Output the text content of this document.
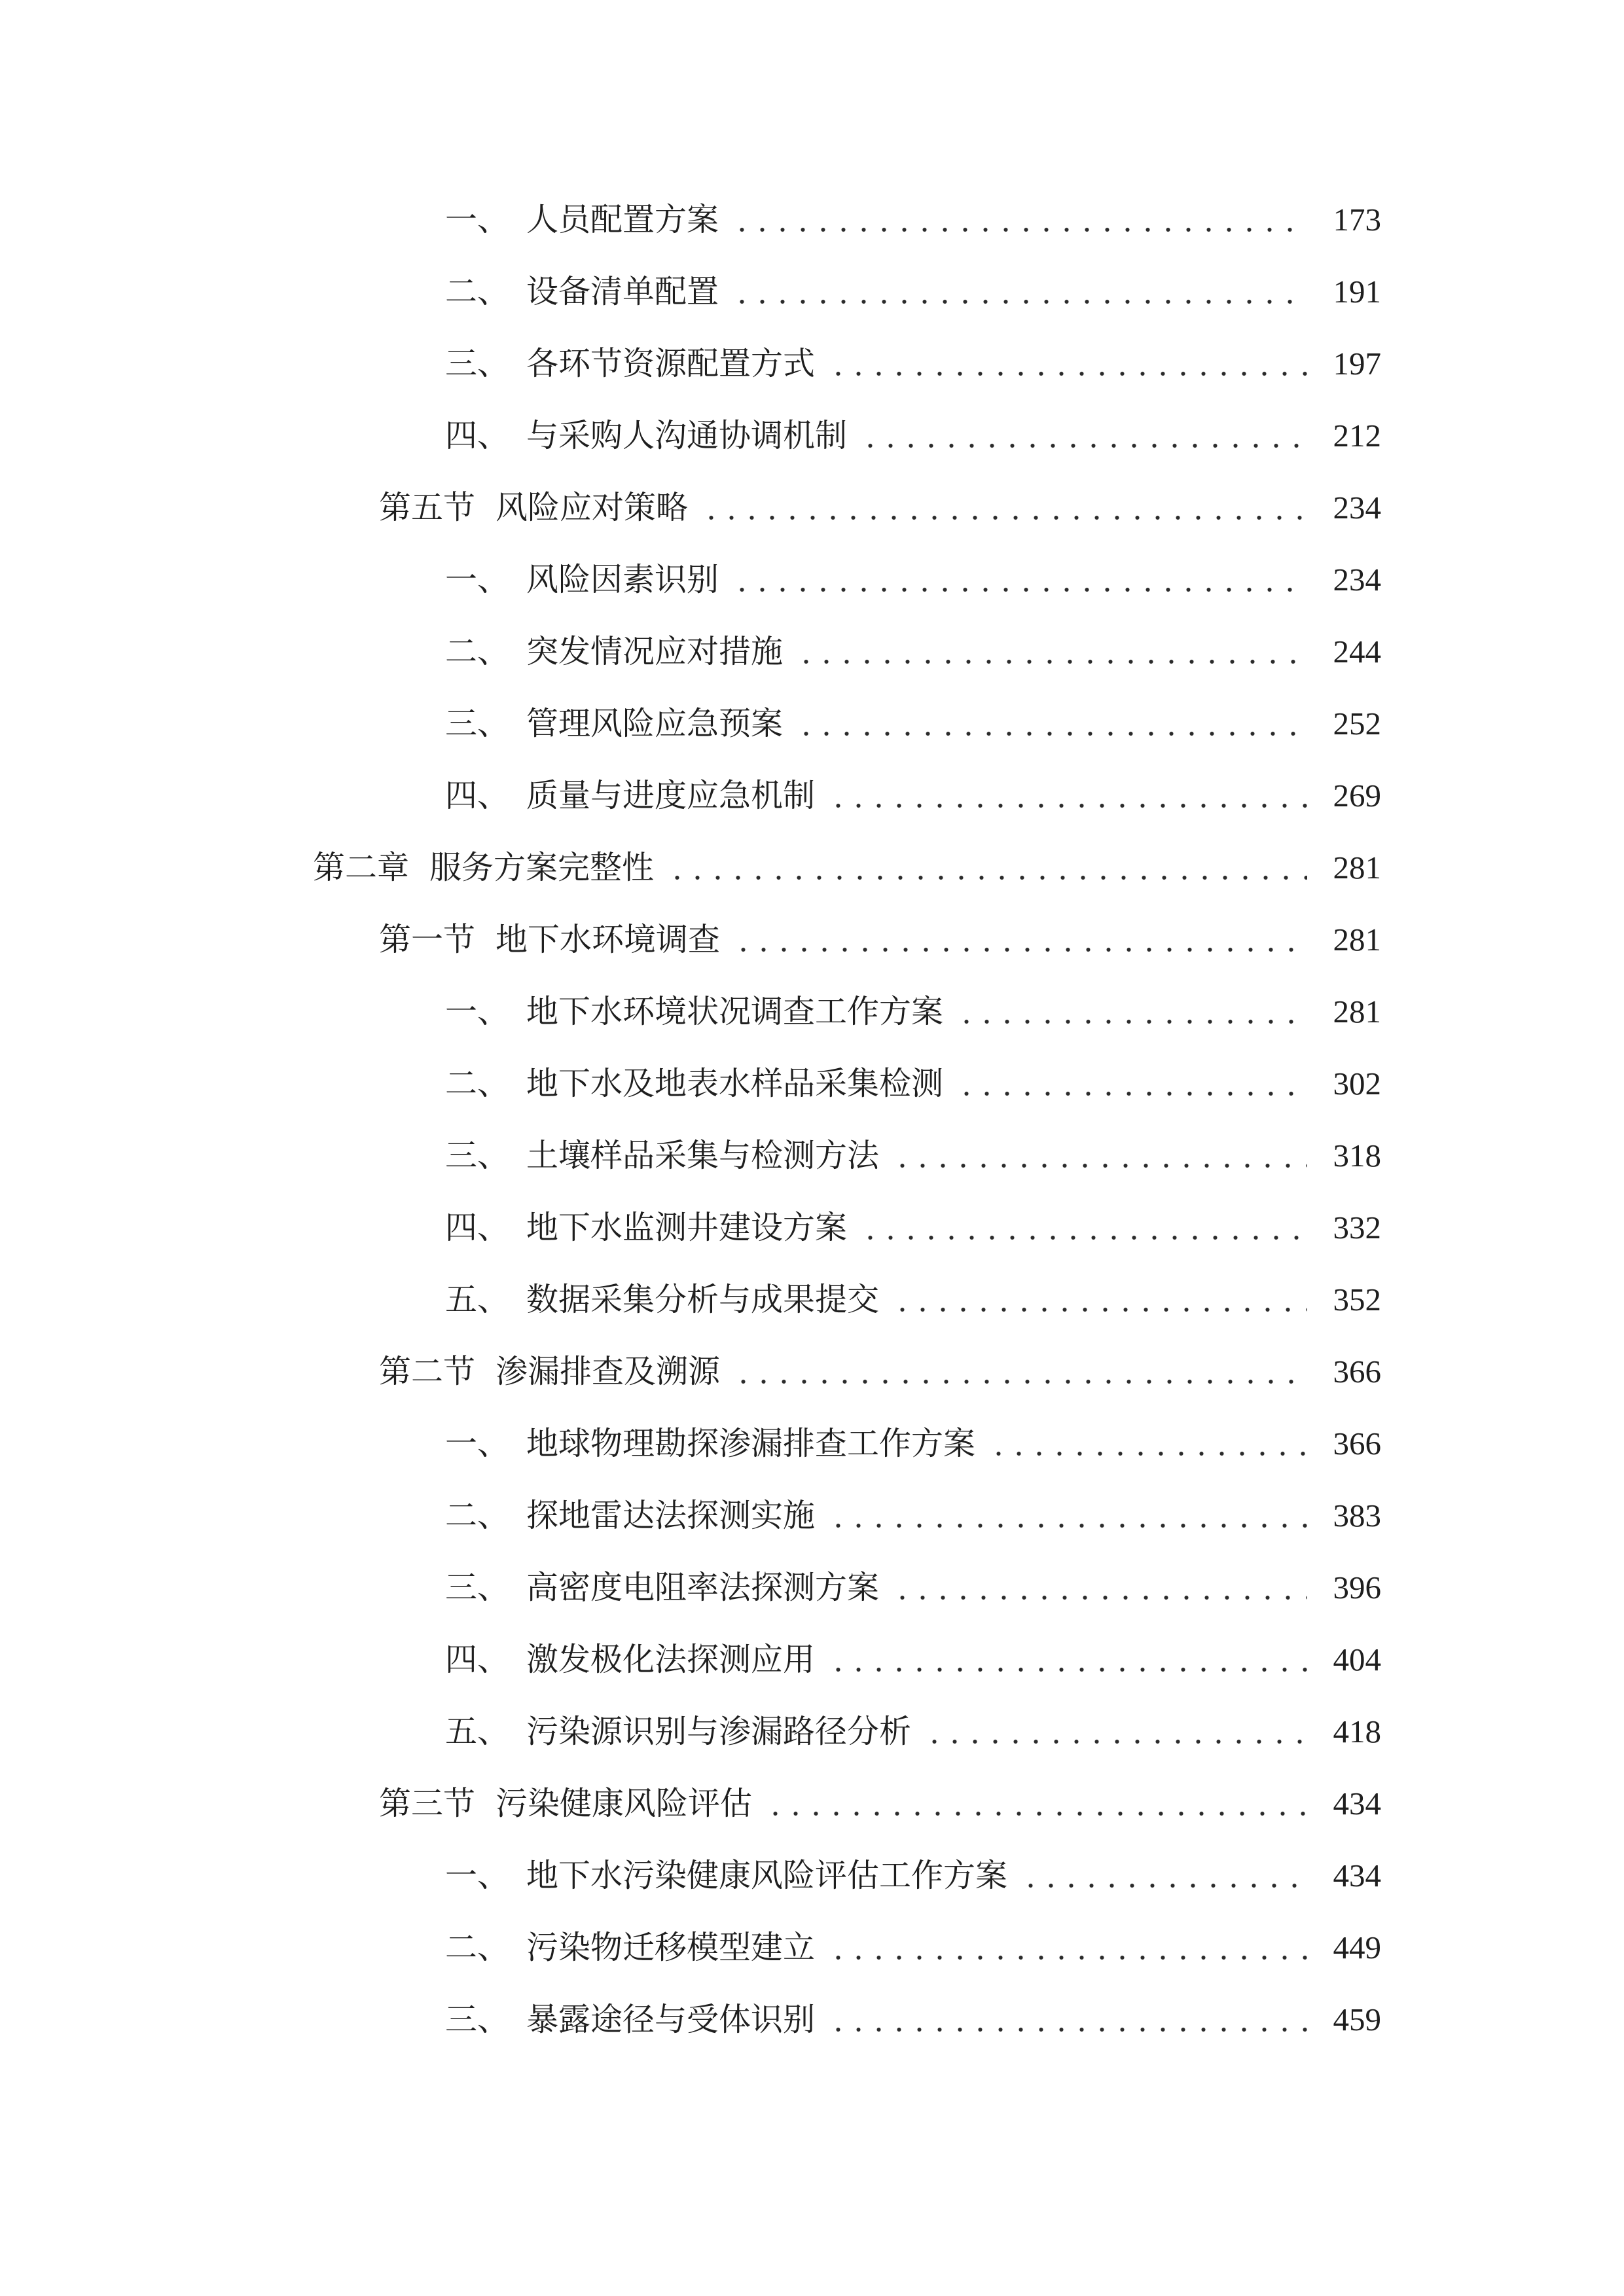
一、 人员配置方案	173
二、 设备清单配置	191
三、 各环节资源配置方式	197
四、 与采购人沟通协调机制	212
第五节 风险应对策略	234
一、 风险因素识别	234
二、 突发情况应对措施	244
三、 管理风险应急预案	252
四、 质量与进度应急机制	269
第二章 服务方案完整性	281
第一节 地下水环境调查	281
一、 地下水环境状况调查工作方案	281
二、 地下水及地表水样品采集检测	302
三、 土壤样品采集与检测方法	318
四、 地下水监测井建设方案	332
五、 数据采集分析与成果提交	352
第二节 渗漏排查及溯源	366
一、 地球物理勘探渗漏排查工作方案	366
二、 探地雷达法探测实施	383
三、 高密度电阻率法探测方案	396
四、 激发极化法探测应用	404
五、 污染源识别与渗漏路径分析	418
第三节 污染健康风险评估	434
一、 地下水污染健康风险评估工作方案	434
二、 污染物迁移模型建立	449
三、 暴露途径与受体识别	459
